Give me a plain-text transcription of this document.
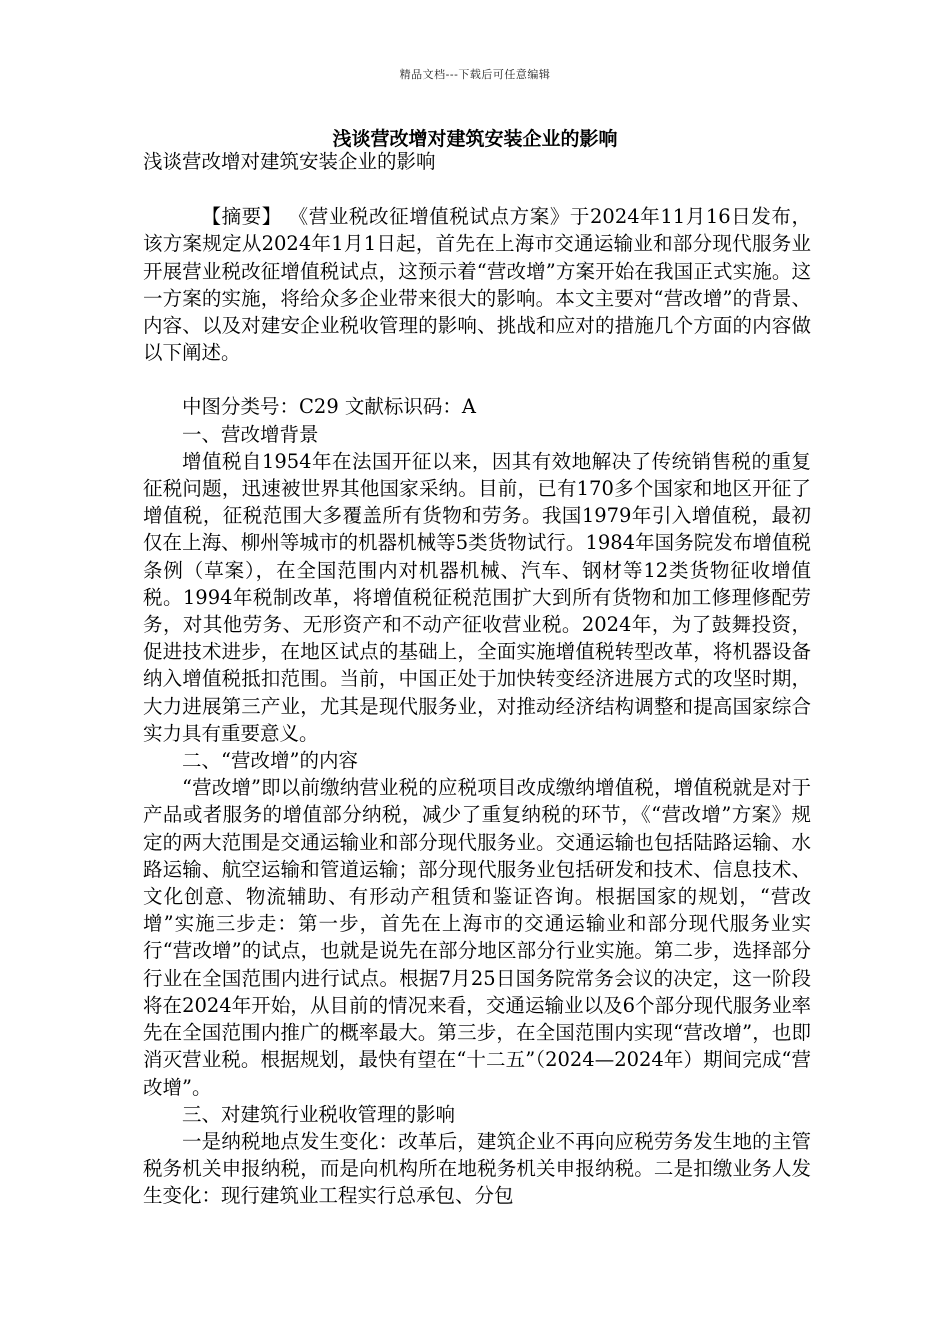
精品文档---下载后可任意编辑
浅谈营改增对建筑安装企业的影响

浅谈营改增对建筑安装企业的影响

【摘要】 《营业税改征增值税试点方案》于2024年11月16日发布，该方案规定从2024年1月1日起，首先在上海市交通运输业和部分现代服务业开展营业税改征增值税试点，这预示着“营改增”方案开始在我国正式实施。这一方案的实施，将给众多企业带来很大的影响。本文主要对“营改增”的背景、内容、以及对建安企业税收管理的影响、挑战和应对的措施几个方面的内容做以下阐述。

中图分类号：C29 文献标识码：A

一、营改增背景

增值税自1954年在法国开征以来，因其有效地解决了传统销售税的重复征税问题，迅速被世界其他国家采纳。目前，已有170多个国家和地区开征了增值税，征税范围大多覆盖所有货物和劳务。我国1979年引入增值税，最初仅在上海、柳州等城市的机器机械等5类货物试行。1984年国务院发布增值税条例（草案），在全国范围内对机器机械、汽车、钢材等12类货物征收增值税。1994年税制改革，将增值税征税范围扩大到所有货物和加工修理修配劳务，对其他劳务、无形资产和不动产征收营业税。2024年，为了鼓舞投资，促进技术进步，在地区试点的基础上，全面实施增值税转型改革，将机器设备纳入增值税抵扣范围。当前，中国正处于加快转变经济进展方式的攻坚时期，大力进展第三产业，尤其是现代服务业，对推动经济结构调整和提高国家综合实力具有重要意义。

二、“营改增”的内容

“营改增”即以前缴纳营业税的应税项目改成缴纳增值税，增值税就是对于产品或者服务的增值部分纳税，减少了重复纳税的环节，《“营改增”方案》规定的两大范围是交通运输业和部分现代服务业。交通运输也包括陆路运输、水路运输、航空运输和管道运输；部分现代服务业包括研发和技术、信息技术、文化创意、物流辅助、有形动产租赁和鉴证咨询。根据国家的规划，“营改增”实施三步走：第一步，首先在上海市的交通运输业和部分现代服务业实行“营改增”的试点，也就是说先在部分地区部分行业实施。第二步，选择部分行业在全国范围内进行试点。根据7月25日国务院常务会议的决定，这一阶段将在2024年开始，从目前的情况来看，交通运输业以及6个部分现代服务业率先在全国范围内推广的概率最大。第三步，在全国范围内实现“营改增”，也即消灭营业税。根据规划，最快有望在“十二五”（2024—2024年）期间完成“营改增”。

三、对建筑行业税收管理的影响

一是纳税地点发生变化：改革后，建筑企业不再向应税劳务发生地的主管税务机关申报纳税，而是向机构所在地税务机关申报纳税。二是扣缴业务人发生变化：现行建筑业工程实行总承包、分包
